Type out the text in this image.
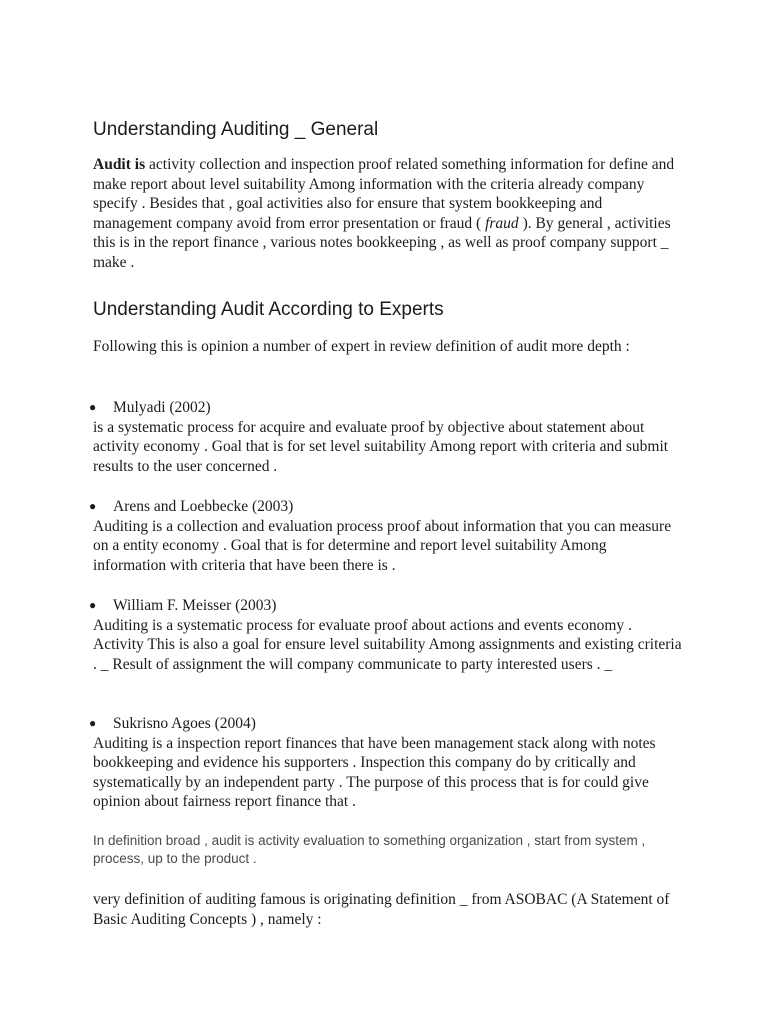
Understanding Auditing _ General

Audit is activity collection and inspection proof related something information for define and make report about level suitability Among information with the criteria already company specify . Besides that , goal activities also for ensure that system bookkeeping and management company avoid from error presentation or fraud ( fraud ). By general , activities this is in the report finance , various notes bookkeeping , as well as proof company support _ make .

Understanding Audit According to Experts

Following this is opinion a number of expert in review definition of audit more depth :

● Mulyadi (2002)

is a systematic process for acquire and evaluate proof by objective about statement about activity economy . Goal that is for set level suitability Among report with criteria and submit results to the user concerned .

● Arens and Loebbecke (2003)

Auditing is a collection and evaluation process proof about information that you can measure on a entity economy . Goal that is for determine and report level suitability Among information with criteria that have been there is .

● William F. Meisser (2003)

Auditing is a systematic process for evaluate proof about actions and events economy . Activity This is also a goal for ensure level suitability Among assignments and existing criteria . _ Result of assignment the will company communicate to party interested users . _

● Sukrisno Agoes (2004)

Auditing is a inspection report finances that have been management stack along with notes bookkeeping and evidence his supporters . Inspection this company do by critically and systematically by an independent party . The purpose of this process that is for could give opinion about fairness report finance that .

In definition broad , audit is activity evaluation to something organization , start from system , process, up to the product .

very definition of auditing famous is originating definition _ from ASOBAC (A Statement of Basic Auditing Concepts ) , namely :
